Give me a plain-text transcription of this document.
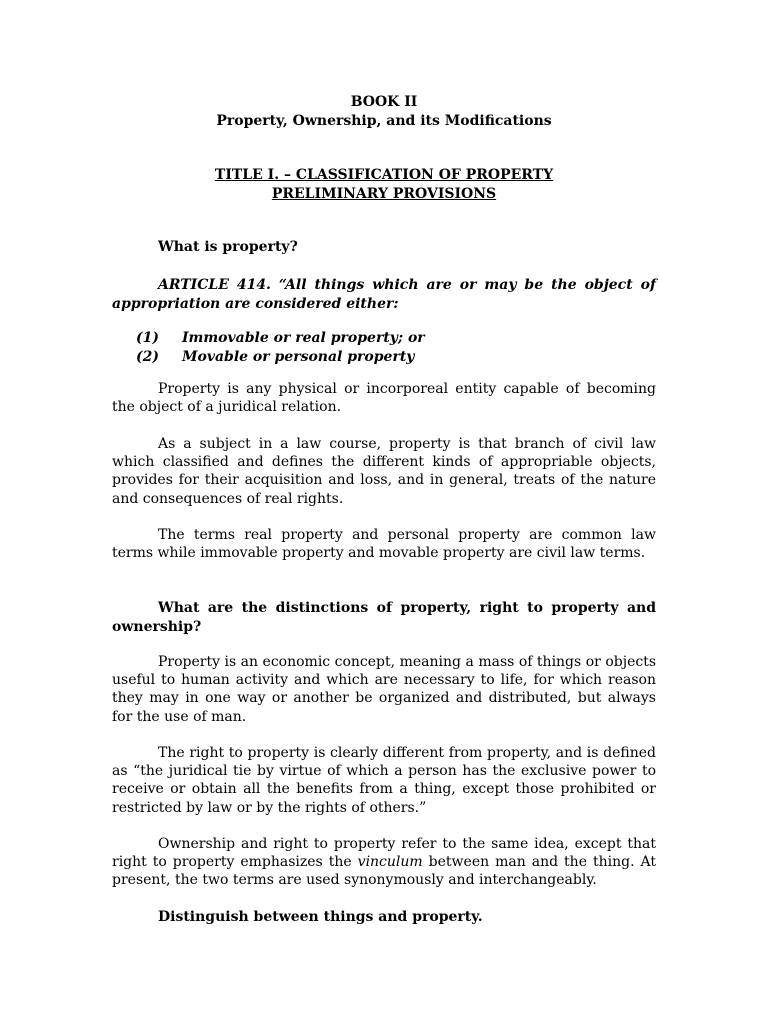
BOOK II
Property, Ownership, and its Modifications
TITLE I. – CLASSIFICATION OF PROPERTY
PRELIMINARY PROVISIONS
What is property?

ARTICLE 414. “All things which are or may be the object of appropriation are considered either:

(1) Immovable or real property; or
(2) Movable or personal property

Property is any physical or incorporeal entity capable of becoming the object of a juridical relation.

As a subject in a law course, property is that branch of civil law which classified and defines the different kinds of appropriable objects, provides for their acquisition and loss, and in general, treats of the nature and consequences of real rights.

The terms real property and personal property are common law terms while immovable property and movable property are civil law terms.

What are the distinctions of property, right to property and ownership?

Property is an economic concept, meaning a mass of things or objects useful to human activity and which are necessary to life, for which reason they may in one way or another be organized and distributed, but always for the use of man.

The right to property is clearly different from property, and is defined as “the juridical tie by virtue of which a person has the exclusive power to receive or obtain all the benefits from a thing, except those prohibited or restricted by law or by the rights of others.”

Ownership and right to property refer to the same idea, except that right to property emphasizes the vinculum between man and the thing. At present, the two terms are used synonymously and interchangeably.

Distinguish between things and property.
